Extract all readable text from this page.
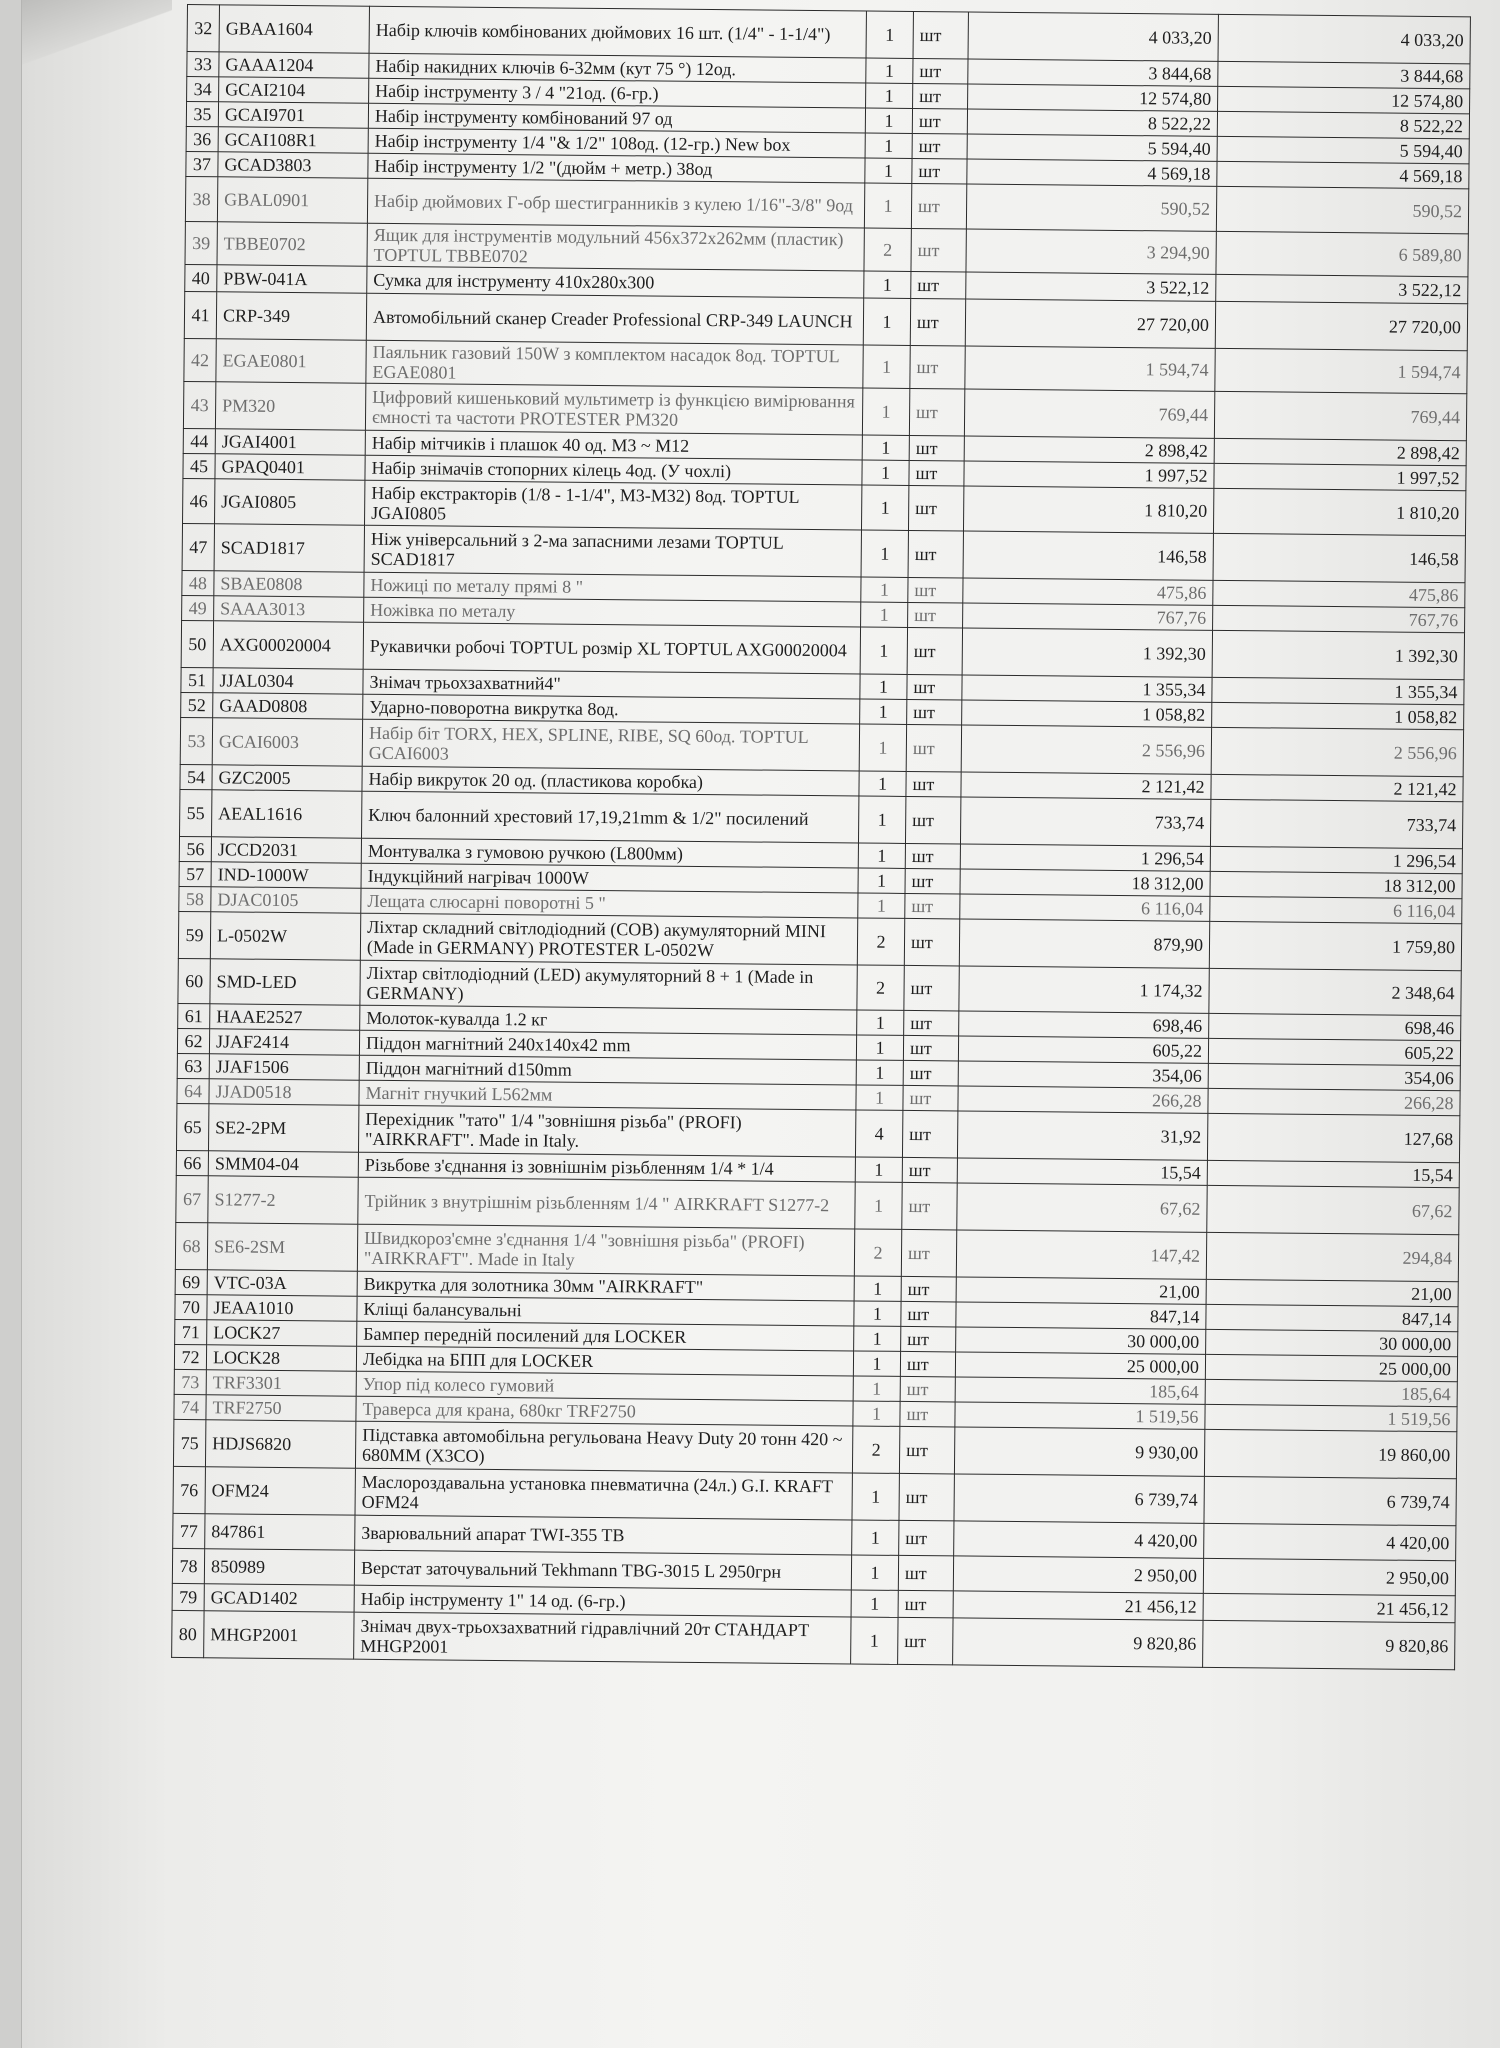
32	GBAA1604	Набір ключів комбінованих дюймових 16 шт. (1/4" - 1-1/4")	1	шт	4 033,20	4 033,20
33	GAAA1204	Набір накидних ключів 6-32мм (кут 75 °) 12од.	1	шт	3 844,68	3 844,68
34	GCAI2104	Набір інструменту 3 / 4 "21од. (6-гр.)	1	шт	12 574,80	12 574,80
35	GCAI9701	Набір інструменту комбінований 97 од	1	шт	8 522,22	8 522,22
36	GCAI108R1	Набір інструменту 1/4 "& 1/2" 108од. (12-гр.) New box	1	шт	5 594,40	5 594,40
37	GCAD3803	Набір інструменту 1/2 "(дюйм + метр.) 38од	1	шт	4 569,18	4 569,18
38	GBAL0901	Набір дюймових Г-обр шестигранників з кулею 1/16"-3/8" 9од	1	шт	590,52	590,52
39	TBBE0702	Ящик для інструментів модульний 456х372х262мм (пластик) TOPTUL TBBE0702	2	шт	3 294,90	6 589,80
40	PBW-041A	Сумка для інструменту 410х280х300	1	шт	3 522,12	3 522,12
41	CRP-349	Автомобільний сканер Creader Professional CRP-349 LAUNCH	1	шт	27 720,00	27 720,00
42	EGAE0801	Паяльник газовий 150W з комплектом насадок 8од. TOPTUL EGAE0801	1	шт	1 594,74	1 594,74
43	PM320	Цифровий кишеньковий мультиметр із функцією вимірювання ємності та частоти PROTESTER PM320	1	шт	769,44	769,44
44	JGAI4001	Набір мітчиків і плашок 40 од. М3 ~ М12	1	шт	2 898,42	2 898,42
45	GPAQ0401	Набір знімачів стопорних кілець 4од. (У чохлі)	1	шт	1 997,52	1 997,52
46	JGAI0805	Набір екстракторів (1/8 - 1-1/4", M3-M32) 8од. TOPTUL JGAI0805	1	шт	1 810,20	1 810,20
47	SCAD1817	Ніж універсальний з 2-ма запасними лезами TOPTUL SCAD1817	1	шт	146,58	146,58
48	SBAE0808	Ножиці по металу прямі 8 "	1	шт	475,86	475,86
49	SAAA3013	Ножівка по металу	1	шт	767,76	767,76
50	AXG00020004	Рукавички робочі TOPTUL розмір XL TOPTUL AXG00020004	1	шт	1 392,30	1 392,30
51	JJAL0304	Знімач трьохзахватний4"	1	шт	1 355,34	1 355,34
52	GAAD0808	Ударно-поворотна викрутка 8од.	1	шт	1 058,82	1 058,82
53	GCAI6003	Набір біт TORX, HEX, SPLINE, RIBE, SQ 60од. TOPTUL GCAI6003	1	шт	2 556,96	2 556,96
54	GZC2005	Набір викруток 20 од. (пластикова коробка)	1	шт	2 121,42	2 121,42
55	AEAL1616	Ключ балонний хрестовий 17,19,21mm & 1/2" посилений	1	шт	733,74	733,74
56	JCCD2031	Монтувалка з гумовою ручкою (L800мм)	1	шт	1 296,54	1 296,54
57	IND-1000W	Індукційний нагрівач 1000W	1	шт	18 312,00	18 312,00
58	DJAC0105	Лещата слюсарні поворотні 5 "	1	шт	6 116,04	6 116,04
59	L-0502W	Ліхтар складний світлодіодний (COB) акумуляторний MINI (Made in GERMANY) PROTESTER L-0502W	2	шт	879,90	1 759,80
60	SMD-LED	Ліхтар світлодіодний (LED) акумуляторний 8 + 1 (Made in GERMANY)	2	шт	1 174,32	2 348,64
61	HAAE2527	Молоток-кувалда 1.2 кг	1	шт	698,46	698,46
62	JJAF2414	Піддон магнітний 240x140x42 mm	1	шт	605,22	605,22
63	JJAF1506	Піддон магнітний d150mm	1	шт	354,06	354,06
64	JJAD0518	Магніт гнучкий L562мм	1	шт	266,28	266,28
65	SE2-2PM	Перехідник "тато" 1/4 "зовнішня різьба" (PROFI) "AIRKRAFT". Made in Italy.	4	шт	31,92	127,68
66	SMM04-04	Різьбове з'єднання із зовнішнім різьбленням 1/4 * 1/4	1	шт	15,54	15,54
67	S1277-2	Трійник з внутрішнім різьбленням 1/4 " AIRKRAFT S1277-2	1	шт	67,62	67,62
68	SE6-2SM	Швидкороз'ємне з'єднання 1/4 "зовнішня різьба" (PROFI) "AIRKRAFT". Made in Italy	2	шт	147,42	294,84
69	VTC-03A	Викрутка для золотника 30мм "AIRKRAFT"	1	шт	21,00	21,00
70	JEAA1010	Кліщі балансувальні	1	шт	847,14	847,14
71	LOCK27	Бампер передній посилений для LOCKER	1	шт	30 000,00	30 000,00
72	LOCK28	Лебідка на БПП для LOCKER	1	шт	25 000,00	25 000,00
73	TRF3301	Упор під колесо гумовий	1	шт	185,64	185,64
74	TRF2750	Траверса для крана, 680кг TRF2750	1	шт	1 519,56	1 519,56
75	HDJS6820	Підставка автомобільна регульована Heavy Duty 20 тонн 420 ~ 680MM (X3CO)	2	шт	9 930,00	19 860,00
76	OFM24	Маслороздавальна установка пневматична (24л.) G.I. KRAFT OFM24	1	шт	6 739,74	6 739,74
77	847861	Зварювальний апарат TWI-355 TB	1	шт	4 420,00	4 420,00
78	850989	Верстат заточувальний Tekhmann TBG-3015 L 2950грн	1	шт	2 950,00	2 950,00
79	GCAD1402	Набір інструменту 1" 14 од. (6-гр.)	1	шт	21 456,12	21 456,12
80	MHGP2001	Знімач двух-трьохзахватний гідравлічний 20т СТАНДАРТ MHGP2001	1	шт	9 820,86	9 820,86
